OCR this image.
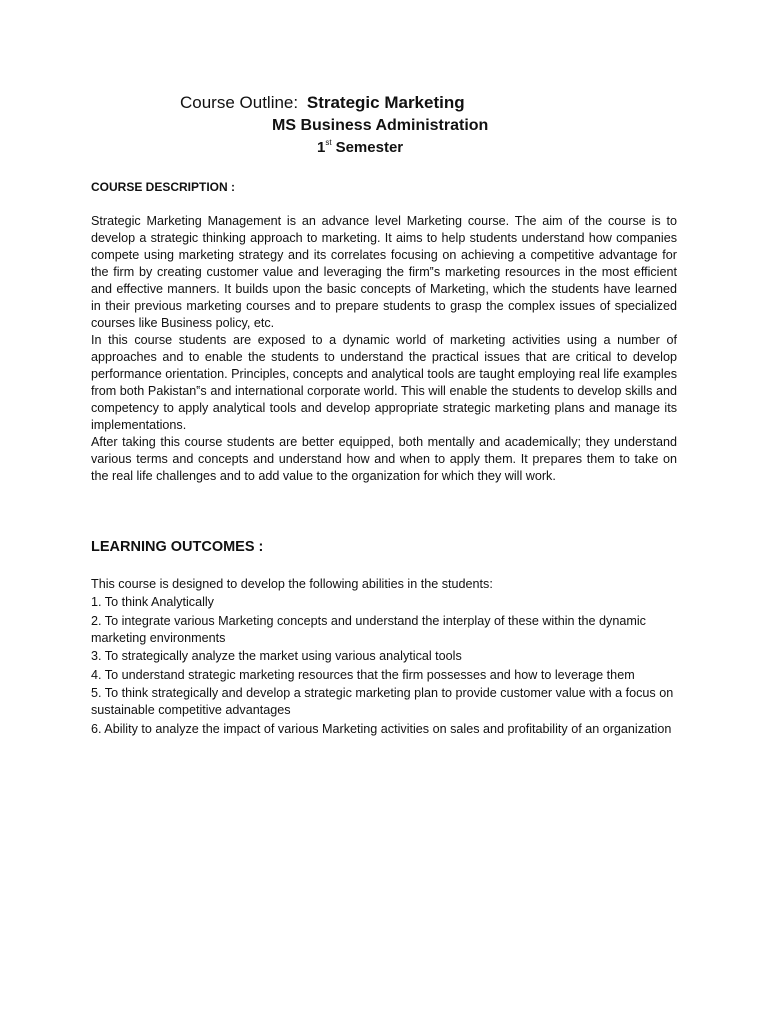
Course Outline: Strategic Marketing
MS Business Administration
1st Semester
COURSE DESCRIPTION :

Strategic Marketing Management is an advance level Marketing course. The aim of the course is to develop a strategic thinking approach to marketing. It aims to help students understand how companies compete using marketing strategy and its correlates focusing on achieving a competitive advantage for the firm by creating customer value and leveraging the firm‟s marketing resources in the most efficient and effective manners. It builds upon the basic concepts of Marketing, which the students have learned in their previous marketing courses and to prepare students to grasp the complex issues of specialized courses like Business policy, etc.

In this course students are exposed to a dynamic world of marketing activities using a number of approaches and to enable the students to understand the practical issues that are critical to develop performance orientation. Principles, concepts and analytical tools are taught employing real life examples from both Pakistan‟s and international corporate world. This will enable the students to develop skills and competency to apply analytical tools and develop appropriate strategic marketing plans and manage its implementations.

After taking this course students are better equipped, both mentally and academically; they understand various terms and concepts and understand how and when to apply them. It prepares them to take on the real life challenges and to add value to the organization for which they will work.

LEARNING OUTCOMES :

This course is designed to develop the following abilities in the students:

1. To think Analytically
2. To integrate various Marketing concepts and understand the interplay of these within the dynamic marketing environments
3. To strategically analyze the market using various analytical tools
4. To understand strategic marketing resources that the firm possesses and how to leverage them
5. To think strategically and develop a strategic marketing plan to provide customer value with a focus on sustainable competitive advantages
6. Ability to analyze the impact of various Marketing activities on sales and profitability of an organization
